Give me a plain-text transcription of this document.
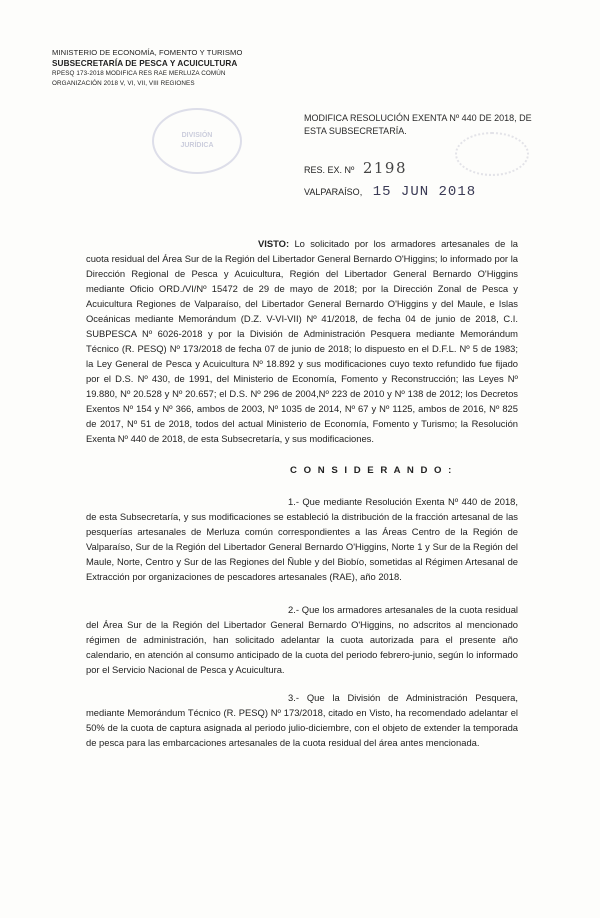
MINISTERIO DE ECONOMÍA, FOMENTO Y TURISMO
SUBSECRETARÍA DE PESCA Y ACUICULTURA
RPESQ 173-2018 MODIFICA RES RAE MERLUZA COMÚN
ORGANIZACIÓN 2018 V, VI, VII, VIII REGIONES
DIVISIÓN
JURÍDICA
MODIFICA RESOLUCIÓN EXENTA Nº 440 DE 2018, DE
ESTA SUBSECRETARÍA.
RES. EX. Nº 2198
VALPARAÍSO, 15 JUN 2018
VISTO: Lo solicitado por los armadores artesanales de la cuota residual del Área Sur de la Región del Libertador General Bernardo O'Higgins; lo informado por la Dirección Regional de Pesca y Acuicultura, Región del Libertador General Bernardo O'Higgins mediante Oficio ORD./VI/Nº 15472 de 29 de mayo de 2018; por la Dirección Zonal de Pesca y Acuicultura Regiones de Valparaíso, del Libertador General Bernardo O'Higgins y del Maule, e Islas Oceánicas mediante Memorándum (D.Z. V-VI-VII) Nº 41/2018, de fecha 04 de junio de 2018, C.I. SUBPESCA Nº 6026-2018 y por la División de Administración Pesquera mediante Memorándum Técnico (R. PESQ) Nº 173/2018 de fecha 07 de junio de 2018; lo dispuesto en el D.F.L. Nº 5 de 1983; la Ley General de Pesca y Acuicultura Nº 18.892 y sus modificaciones cuyo texto refundido fue fijado por el D.S. Nº 430, de 1991, del Ministerio de Economía, Fomento y Reconstrucción; las Leyes Nº 19.880, Nº 20.528 y Nº 20.657; el D.S. Nº 296 de 2004,Nº 223 de 2010 y Nº 138 de 2012; los Decretos Exentos Nº 154 y Nº 366, ambos de 2003, Nº 1035 de 2014, Nº 67 y Nº 1125, ambos de 2016, Nº 825 de 2017, Nº 51 de 2018, todos del actual Ministerio de Economía, Fomento y Turismo; la Resolución Exenta Nº 440 de 2018, de esta Subsecretaría, y sus modificaciones.
C O N S I D E R A N D O :
1.- Que mediante Resolución Exenta Nº 440 de 2018, de esta Subsecretaría, y sus modificaciones se estableció la distribución de la fracción artesanal de las pesquerías artesanales de Merluza común correspondientes a las Áreas Centro de la Región de Valparaíso, Sur de la Región del Libertador General Bernardo O'Higgins, Norte 1 y Sur de la Región del Maule, Norte, Centro y Sur de las Regiones del Ñuble y del Biobío, sometidas al Régimen Artesanal de Extracción por organizaciones de pescadores artesanales (RAE), año 2018.
2.- Que los armadores artesanales de la cuota residual del Área Sur de la Región del Libertador General Bernardo O'Higgins, no adscritos al mencionado régimen de administración, han solicitado adelantar la cuota autorizada para el presente año calendario, en atención al consumo anticipado de la cuota del periodo febrero-junio, según lo informado por el Servicio Nacional de Pesca y Acuicultura.
3.- Que la División de Administración Pesquera, mediante Memorándum Técnico (R. PESQ) Nº 173/2018, citado en Visto, ha recomendado adelantar el 50% de la cuota de captura asignada al periodo julio-diciembre, con el objeto de extender la temporada de pesca para las embarcaciones artesanales de la cuota residual del área antes mencionada.
